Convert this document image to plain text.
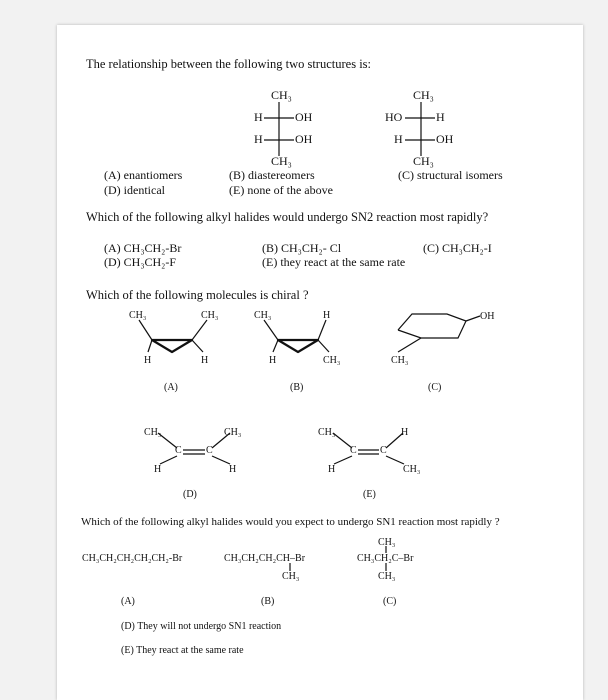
The relationship between the following two structures is:
CH₃
H	OH
H	OH
CH₃
CH₃
HO	H
H	OH
CH₃
(A) enantiomers	(B) diastereomers	(C) structural isomers
(D) identical	(E) none of the above
Which of the following alkyl halides would undergo SN2 reaction most rapidly?
(A) CH₃CH₂-Br	(B) CH₃CH₂- Cl	(C) CH₃CH₂-I
(D) CH₃CH₂-F	(E) they react at the same rate
Which of the following molecules is chiral ?
CH₃	CH₃
H	H
(A)
CH₃	H
H	CH₃
(B)
OH
CH₃
(C)
CH₃	CH₃
C C
H	H
(D)
CH₃	H
C C
H	CH₃
(E)
Which of the following alkyl halides would you expect to undergo SN1 reaction most rapidly ?
CH₃CH₂CH₂CH₂CH₂-Br	CH₃CH₂CH₂CH–Br
CH₃
CH₃
CH₃CH₂C–Br
CH₃
(A)	(B)	(C)
(D) They will not undergo SN1 reaction
(E) They react at the same rate
